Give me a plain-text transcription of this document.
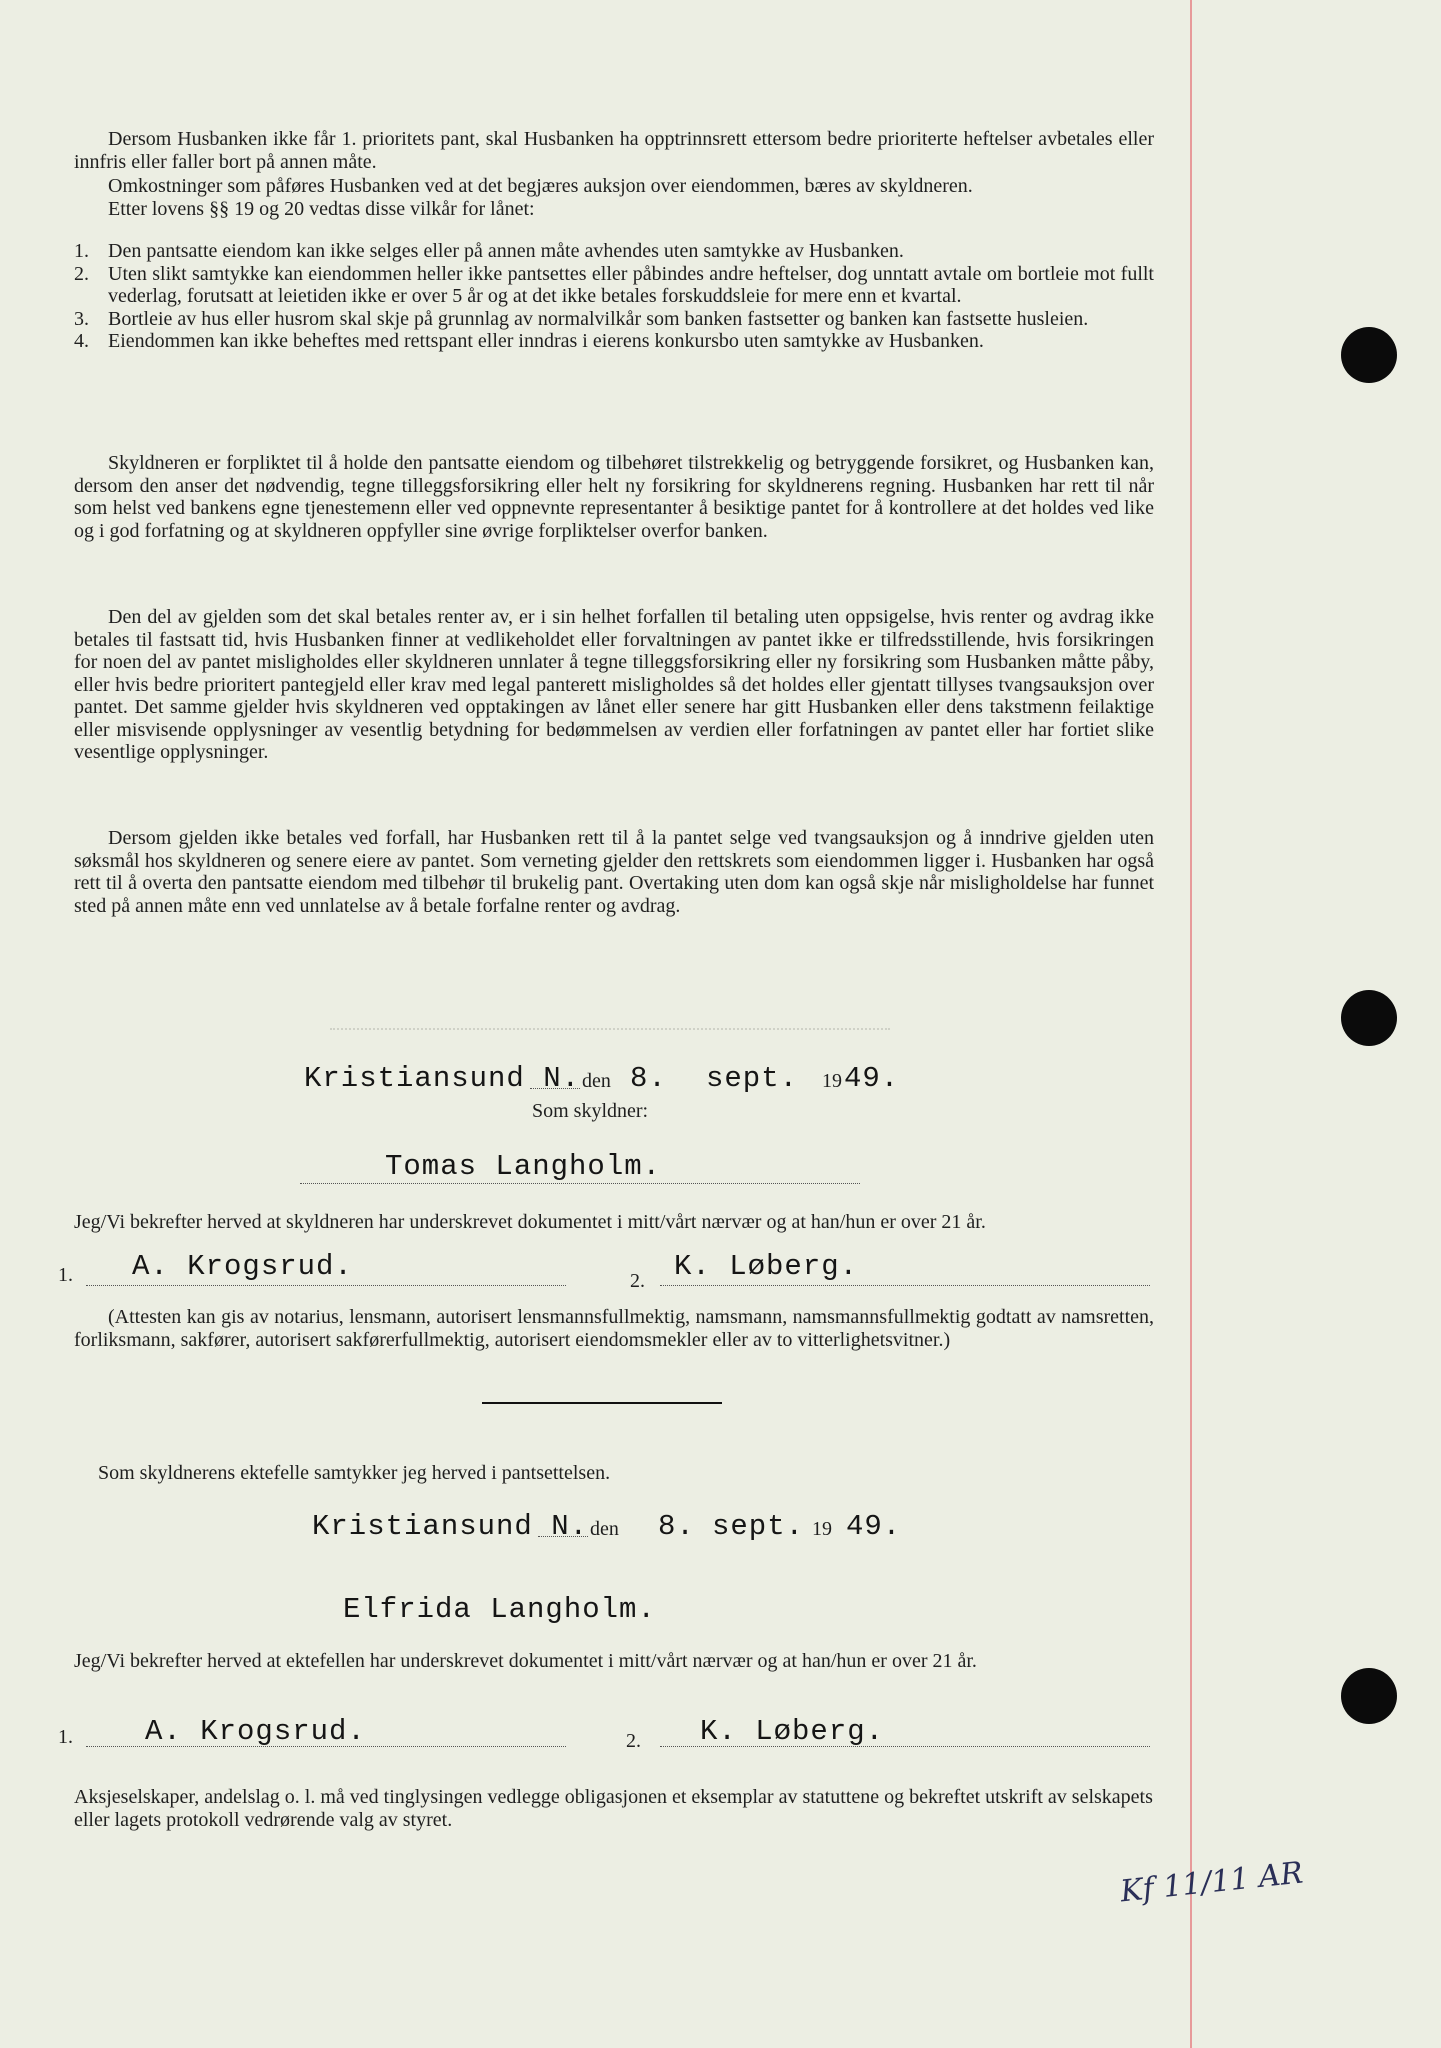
Dersom Husbanken ikke får 1. prioritets pant, skal Husbanken ha opptrinnsrett ettersom bedre prioriterte heftelser avbetales eller innfris eller faller bort på annen måte.

Omkostninger som påføres Husbanken ved at det begjæres auksjon over eiendommen, bæres av skyldneren.

Etter lovens §§ 19 og 20 vedtas disse vilkår for lånet:

1. Den pantsatte eiendom kan ikke selges eller på annen måte avhendes uten samtykke av Husbanken.
2. Uten slikt samtykke kan eiendommen heller ikke pantsettes eller påbindes andre heftelser, dog unntatt avtale om bortleie mot fullt vederlag, forutsatt at leietiden ikke er over 5 år og at det ikke betales forskuddsleie for mere enn et kvartal.
3. Bortleie av hus eller husrom skal skje på grunnlag av normalvilkår som banken fastsetter og banken kan fastsette husleien.
4. Eiendommen kan ikke beheftes med rettspant eller inndras i eierens konkursbo uten samtykke av Husbanken.

Skyldneren er forpliktet til å holde den pantsatte eiendom og tilbehøret tilstrekkelig og betryggende forsikret, og Husbanken kan, dersom den anser det nødvendig, tegne tilleggsforsikring eller helt ny forsikring for skyldnerens regning. Husbanken har rett til når som helst ved bankens egne tjenestemenn eller ved oppnevnte representanter å besiktige pantet for å kontrollere at det holdes ved like og i god forfatning og at skyldneren oppfyller sine øvrige forpliktelser overfor banken.

Den del av gjelden som det skal betales renter av, er i sin helhet forfallen til betaling uten oppsigelse, hvis renter og avdrag ikke betales til fastsatt tid, hvis Husbanken finner at vedlikeholdet eller forvaltningen av pantet ikke er tilfredsstillende, hvis forsikringen for noen del av pantet misligholdes eller skyldneren unnlater å tegne tilleggsforsikring eller ny forsikring som Husbanken måtte påby, eller hvis bedre prioritert pantegjeld eller krav med legal panterett misligholdes så det holdes eller gjentatt tillyses tvangsauksjon over pantet. Det samme gjelder hvis skyldneren ved opptakingen av lånet eller senere har gitt Husbanken eller dens takstmenn feilaktige eller misvisende opplysninger av vesentlig betydning for bedømmelsen av verdien eller forfatningen av pantet eller har fortiet slike vesentlige opplysninger.

Dersom gjelden ikke betales ved forfall, har Husbanken rett til å la pantet selge ved tvangsauksjon og å inndrive gjelden uten søksmål hos skyldneren og senere eiere av pantet. Som verneting gjelder den rettskrets som eiendommen ligger i. Husbanken har også rett til å overta den pantsatte eiendom med tilbehør til brukelig pant. Overtaking uten dom kan også skje når misligholdelse har funnet sted på annen måte enn ved unnlatelse av å betale forfalne renter og avdrag.

Kristiansund N. den 8. sept. 19 49.
Som skyldner:
Tomas Langholm.

Jeg/Vi bekrefter herved at skyldneren har underskrevet dokumentet i mitt/vårt nærvær og at han/hun er over 21 år.

1. A. Krogsrud.	2. K. Løberg.

(Attesten kan gis av notarius, lensmann, autorisert lensmannsfullmektig, namsmann, namsmannsfullmektig godtatt av namsretten, forliksmann, sakfører, autorisert sakførerfullmektig, autorisert eiendomsmekler eller av to vitterlighetsvitner.)

Som skyldnerens ektefelle samtykker jeg herved i pantsettelsen.

Kristiansund N. den 8. sept. 19 49.
Elfrida Langholm.

Jeg/Vi bekrefter herved at ektefellen har underskrevet dokumentet i mitt/vårt nærvær og at han/hun er over 21 år.

1. A. Krogsrud.	2. K. Løberg.

Aksjeselskaper, andelslag o. l. må ved tinglysingen vedlegge obligasjonen et eksemplar av statuttene og bekreftet utskrift av selskapets eller lagets protokoll vedrørende valg av styret.

Kf 11/11 AR
